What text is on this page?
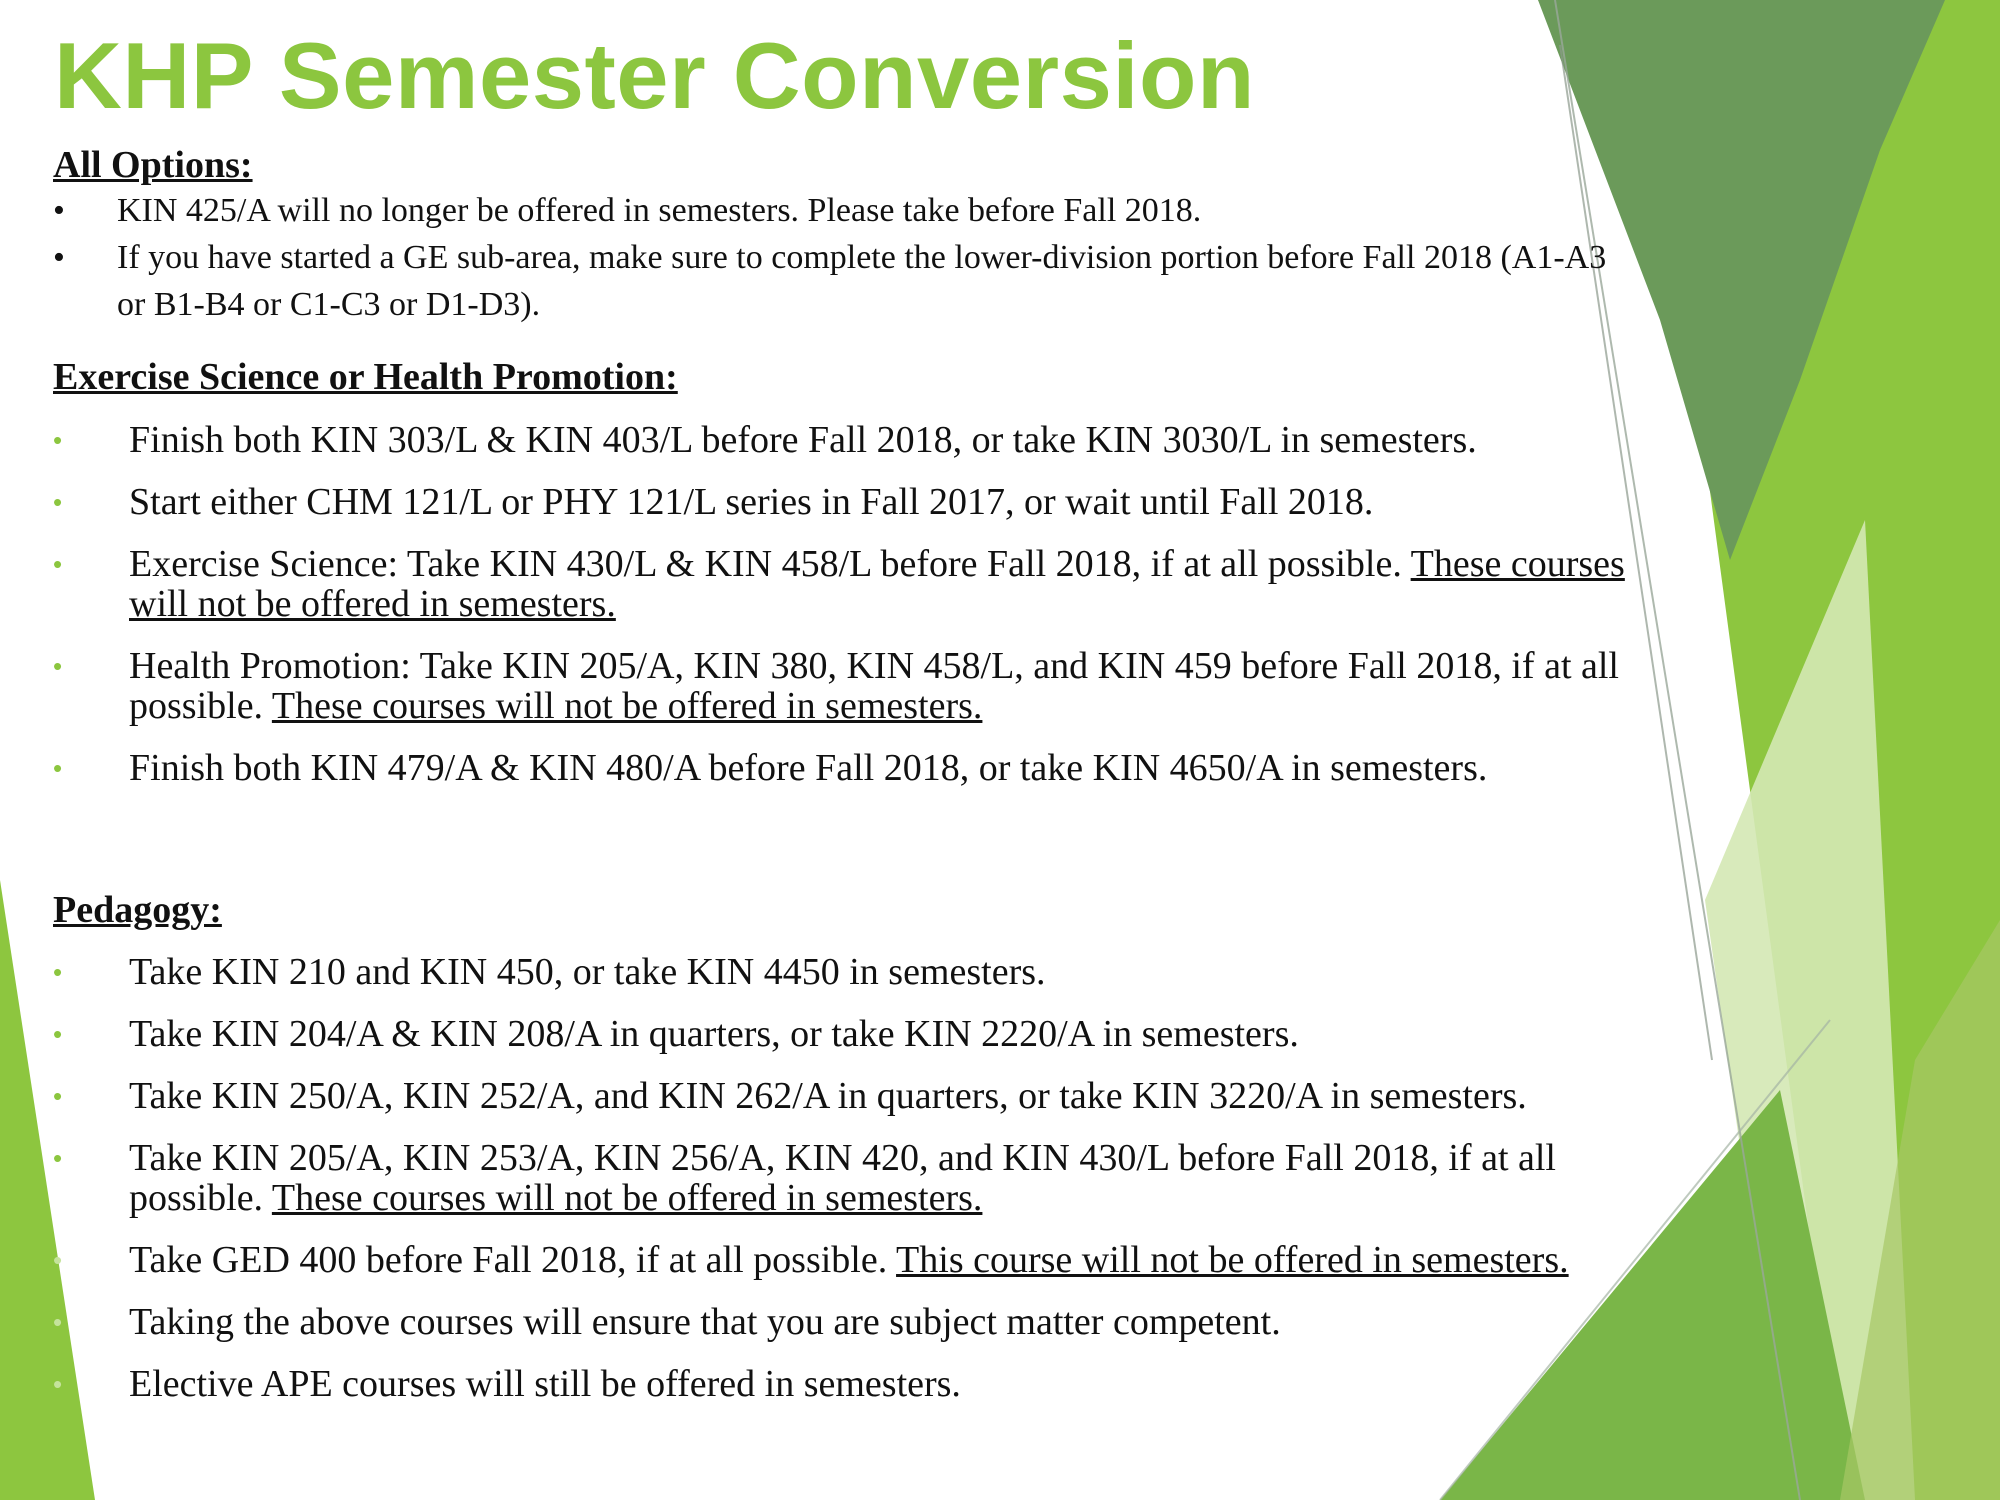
KHP Semester Conversion
All Options:
• KIN 425/A will no longer be offered in semesters. Please take before Fall 2018.
• If you have started a GE sub-area, make sure to complete the lower-division portion before Fall 2018 (A1-A3 or B1-B4 or C1-C3 or D1-D3).
Exercise Science or Health Promotion:
• Finish both KIN 303/L & KIN 403/L before Fall 2018, or take KIN 3030/L in semesters.
• Start either CHM 121/L or PHY 121/L series in Fall 2017, or wait until Fall 2018.
• Exercise Science: Take KIN 430/L & KIN 458/L before Fall 2018, if at all possible. These courses will not be offered in semesters.
• Health Promotion: Take KIN 205/A, KIN 380, KIN 458/L, and KIN 459 before Fall 2018, if at all possible. These courses will not be offered in semesters.
• Finish both KIN 479/A & KIN 480/A before Fall 2018, or take KIN 4650/A in semesters.
Pedagogy:
• Take KIN 210 and KIN 450, or take KIN 4450 in semesters.
• Take KIN 204/A & KIN 208/A in quarters, or take KIN 2220/A in semesters.
• Take KIN 250/A, KIN 252/A, and KIN 262/A in quarters, or take KIN 3220/A in semesters.
• Take KIN 205/A, KIN 253/A, KIN 256/A, KIN 420, and KIN 430/L before Fall 2018, if at all possible. These courses will not be offered in semesters.
• Take GED 400 before Fall 2018, if at all possible. This course will not be offered in semesters.
• Taking the above courses will ensure that you are subject matter competent.
• Elective APE courses will still be offered in semesters.
